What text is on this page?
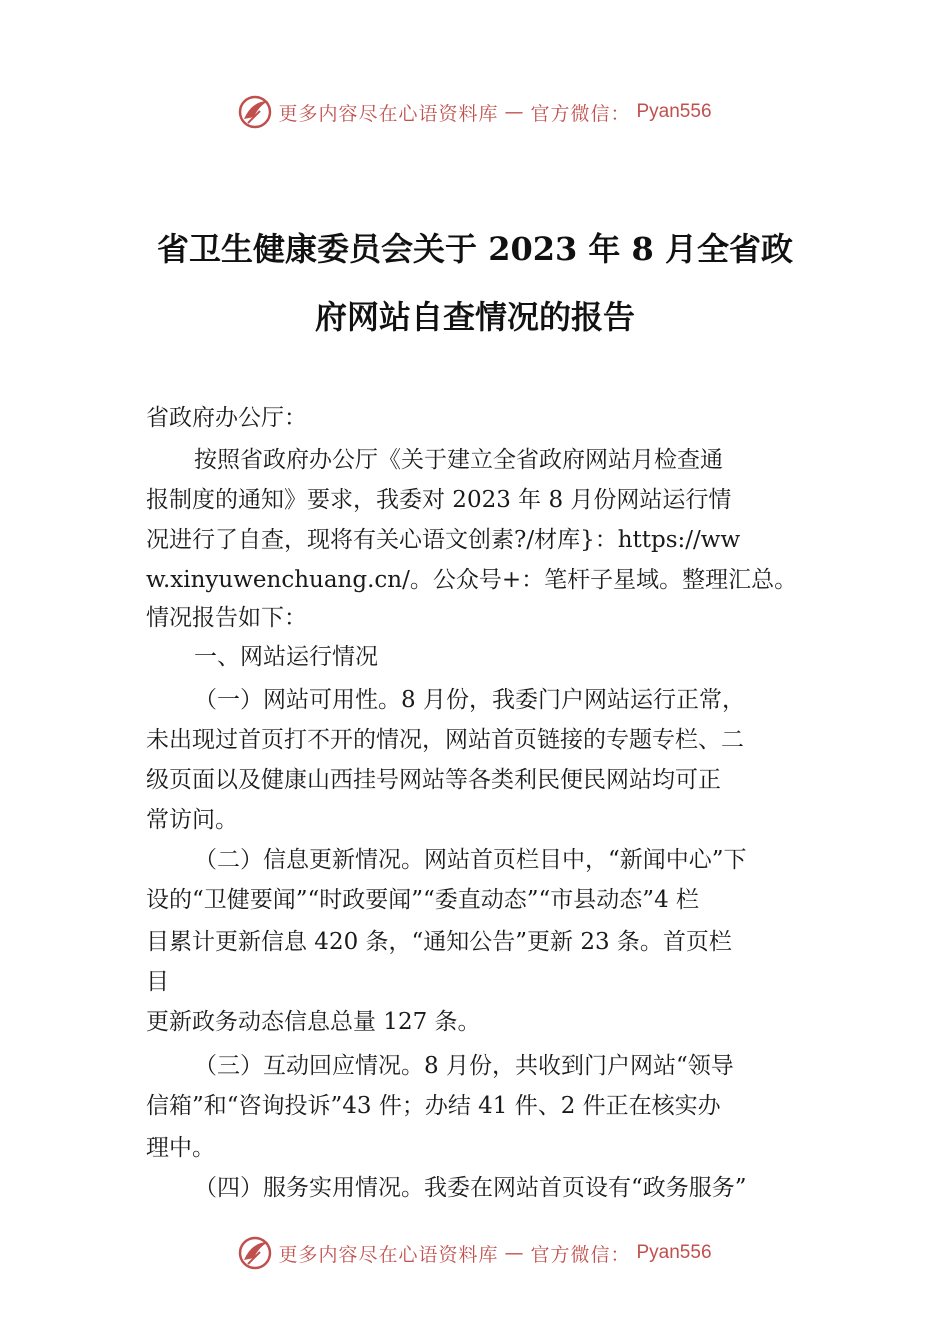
更多内容尽在心语资料库 — 官方微信： Pyan556
省卫生健康委员会关于 2023 年 8 月全省政
府网站自查情况的报告
省政府办公厅：
按照省政府办公厅《关于建立全省政府网站月检查通
报制度的通知》要求，我委对 2023 年 8 月份网站运行情
况进行了自查，现将有关心语文创素?/材库}：https://ww
w.xinyuwenchuang.cn/。公众号+：笔杆子星域。整理汇总。
情况报告如下：
一、网站运行情况
（一）网站可用性。8 月份，我委门户网站运行正常，
未出现过首页打不开的情况，网站首页链接的专题专栏、二
级页面以及健康山西挂号网站等各类利民便民网站均可正
常访问。
（二）信息更新情况。网站首页栏目中，“新闻中心”下
设的“卫健要闻”“时政要闻”“委直动态”“市县动态”4 栏
目累计更新信息 420 条，“通知公告”更新 23 条。首页栏
目
更新政务动态信息总量 127 条。
（三）互动回应情况。8 月份，共收到门户网站“领导
信箱”和“咨询投诉”43 件；办结 41 件、2 件正在核实办
理中。
（四）服务实用情况。我委在网站首页设有“政务服务”
更多内容尽在心语资料库 — 官方微信： Pyan556
